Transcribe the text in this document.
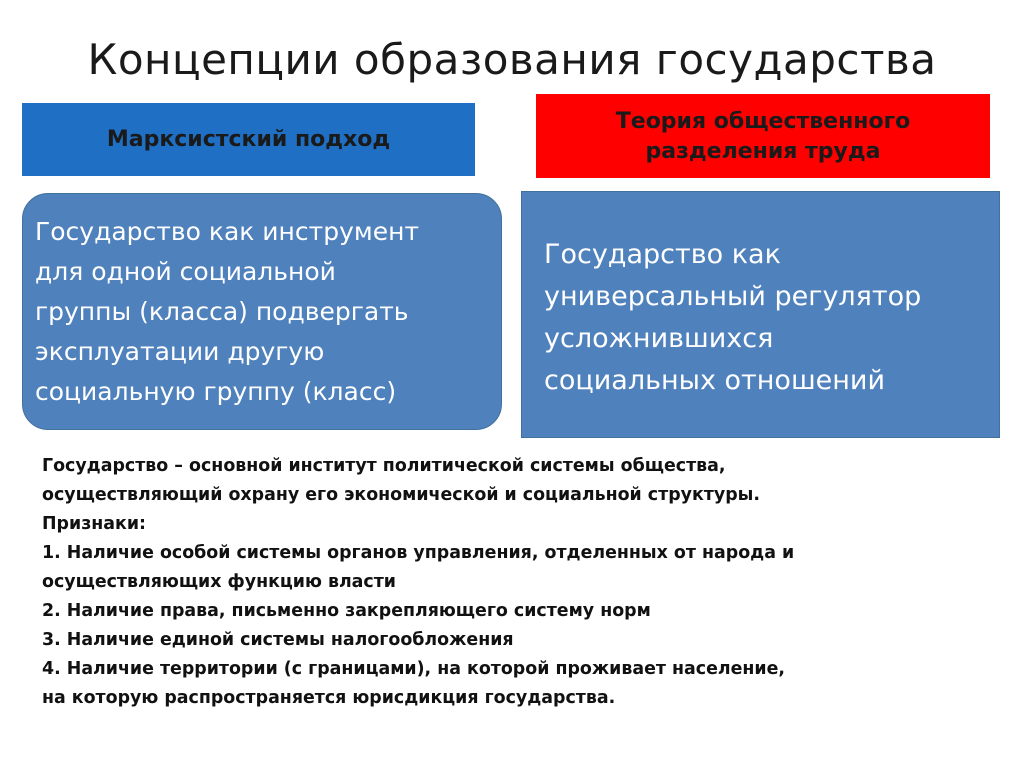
Концепции образования государства
Марксистский подход
Теория общественного
разделения труда
Государство как инструмент
для одной социальной
группы (класса) подвергать
эксплуатации другую
социальную группу (класс)
Государство как
универсальный регулятор
усложнившихся
социальных отношений
Государство – основной институт политической системы общества,
осуществляющий охрану его экономической и социальной структуры.
Признаки:
1. Наличие особой системы органов управления, отделенных от народа и
осуществляющих функцию власти
2. Наличие права, письменно закрепляющего систему норм
3. Наличие единой системы налогообложения
4. Наличие территории (с границами), на которой проживает население,
на которую распространяется юрисдикция государства.
